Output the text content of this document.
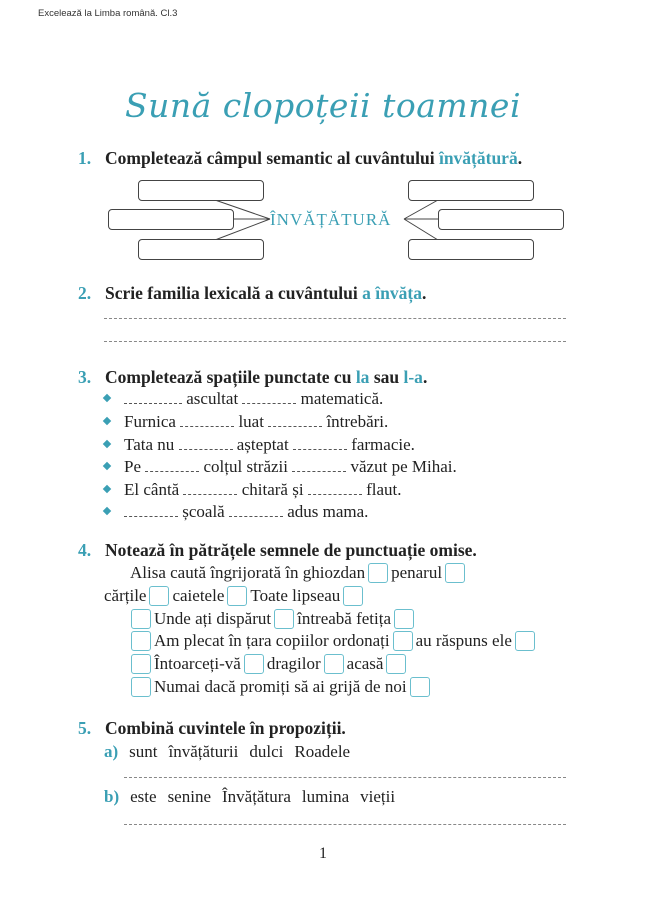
Excelează la Limba română. Cl.3
Sună clopoțeii toamnei
1. Completează câmpul semantic al cuvântului învățătură.
ÎNVĂȚĂTURĂ
2. Scrie familia lexicală a cuvântului a învăța.
3. Completează spațiile punctate cu la sau l-a.
ascultat	matematică.
Furnica	luat	întrebări.
Tata nu	așteptat	farmacie.
Pe	colțul străzii	văzut pe Mihai.
El cântă	chitară și	flaut.
școală	adus mama.
4. Notează în pătrățele semnele de punctuație omise.
Alisa caută îngrijorată în ghiozdan penarul
cărțile caietele Toate lipseau
Unde ați dispărut întreabă fetița
Am plecat în țara copiilor ordonați au răspuns ele
Întoarceți-vă dragilor acasă
Numai dacă promiți să ai grijă de noi
5. Combină cuvintele în propoziții.
a) sunt învățăturii dulci Roadele
b) este senine Învățătura lumina vieții
1
